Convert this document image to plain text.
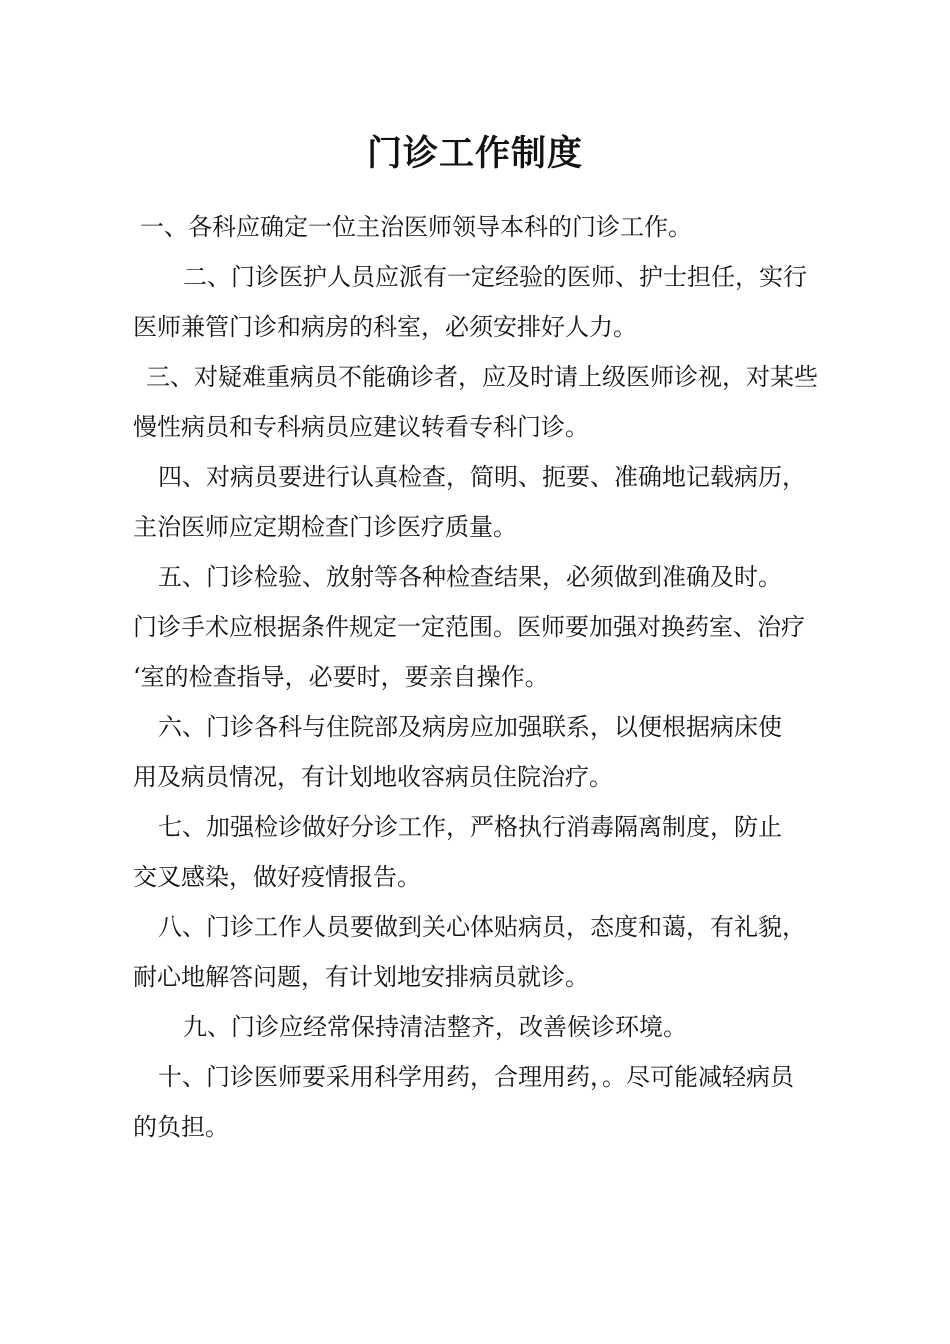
门诊工作制度

一、各科应确定一位主治医师领导本科的门诊工作。

二、门诊医护人员应派有一定经验的医师、护士担任，实行

医师兼管门诊和病房的科室，必须安排好人力。

三、对疑难重病员不能确诊者，应及时请上级医师诊视，对某些

慢性病员和专科病员应建议转看专科门诊。

四、对病员要进行认真检查，简明、扼要、准确地记载病历，

主治医师应定期检查门诊医疗质量。

五、门诊检验、放射等各种检查结果，必须做到准确及时。

门诊手术应根据条件规定一定范围。医师要加强对换药室、治疗

‘室的检查指导，必要时，要亲自操作。

六、门诊各科与住院部及病房应加强联系，以便根据病床使

用及病员情况，有计划地收容病员住院治疗。

七、加强检诊做好分诊工作，严格执行消毒隔离制度，防止

交叉感染，做好疫情报告。

八、门诊工作人员要做到关心体贴病员，态度和蔼，有礼貌，

耐心地解答问题，有计划地安排病员就诊。

九、门诊应经常保持清洁整齐，改善候诊环境。

十、门诊医师要采用科学用药，合理用药，。尽可能减轻病员

的负担。
